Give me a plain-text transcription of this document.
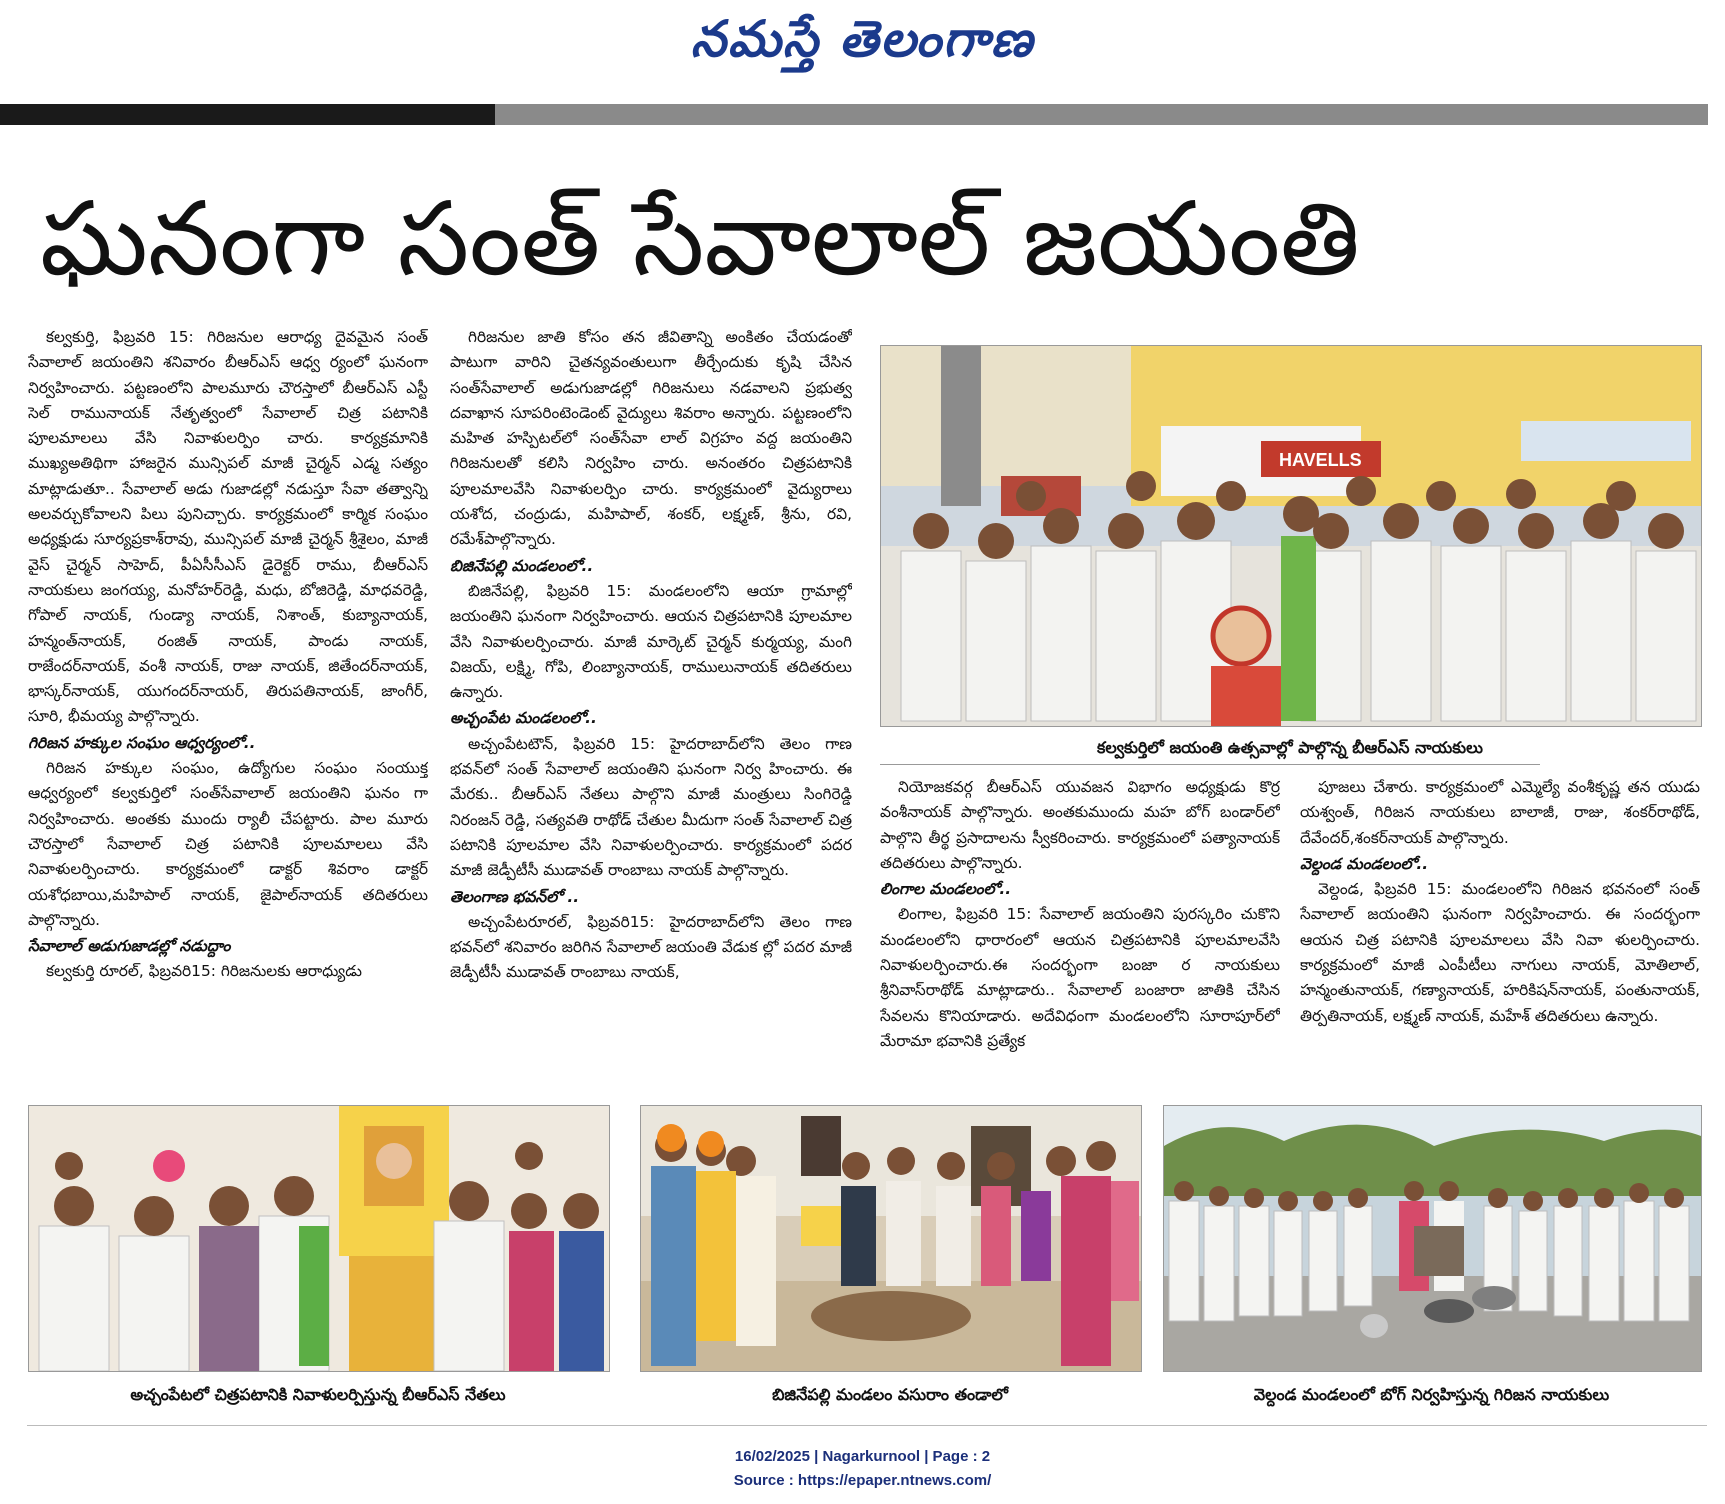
నమస్తే తెలంగాణ
ఘనంగా సంత్ సేవాలాల్ జయంతి

కల్వకుర్తి, ఫిబ్రవరి 15: గిరిజనుల ఆరాధ్య దైవమైన సంత్ సేవాలాల్ జయంతిని శనివారం బీఆర్ఎస్ ఆధ్వ ర్యంలో ఘనంగా నిర్వహించారు. పట్టణంలోని పాలమూరు చౌరస్తాలో బీఆర్ఎస్ ఎస్టీ సెల్ రామునాయక్ నేతృత్వంలో సేవాలాల్ చిత్ర పటానికి పూలమాలలు వేసి నివాళులర్పిం చారు. కార్యక్రమానికి ముఖ్యఅతిథిగా హాజరైన మున్సిపల్ మాజీ చైర్మన్ ఎడ్మ సత్యం మాట్లాడుతూ.. సేవాలాల్ అడు గుజాడల్లో నడుస్తూ సేవా తత్వాన్ని అలవర్చుకోవాలని పిలు పునిచ్చారు. కార్యక్రమంలో కార్మిక సంఘం అధ్యక్షుడు సూర్యప్రకాశ్‌రావు, మున్సిపల్ మాజీ చైర్మన్ శ్రీశైలం, మాజీ వైస్ చైర్మన్ సాహెద్, పీఏసీసీఎస్ డైరెక్టర్ రాము, బీఆర్ఎస్ నాయకులు జంగయ్య, మనోహర్‌రెడ్డి, మధు, బోజిరెడ్డి, మాధవరెడ్డి, గోపాల్ నాయక్, గుండ్యా నాయక్, నిశాంత్, కుబ్యానాయక్, హన్మంత్‌నాయక్, రంజిత్ నాయక్, పాండు నాయక్, రాజేందర్‌నాయక్, వంశీ నాయక్, రాజు నాయక్, జితేందర్‌నాయక్, భాస్కర్‌నాయక్, యుగందర్‌నాయర్, తిరుపతినాయక్, జాంగీర్, సూరి, భీమయ్య పాల్గొన్నారు.

గిరిజన హక్కుల సంఘం ఆధ్వర్యంలో..

గిరిజన హక్కుల సంఘం, ఉద్యోగుల సంఘం సంయుక్త ఆధ్వర్యంలో కల్వకుర్తిలో సంత్‌సేవాలాల్ జయంతిని ఘనం గా నిర్వహించారు. అంతకు ముందు ర్యాలీ చేపట్టారు. పాల మూరు చౌరస్తాలో సేవాలాల్ చిత్ర పటానికి పూలమాలలు వేసి నివాళులర్పించారు. కార్యక్రమంలో డాక్టర్ శివరాం డాక్టర్ యశోధబాయి,మహిపాల్ నాయక్, జైపాల్‌నాయక్ తదితరులు పాల్గొన్నారు.

సేవాలాల్ అడుగుజాడల్లో నడుద్దాం

కల్వకుర్తి రూరల్, ఫిబ్రవరి15: గిరిజనులకు ఆరాధ్యుడు

గిరిజనుల జాతి కోసం తన జీవితాన్ని అంకితం చేయడంతో పాటుగా వారిని చైతన్యవంతులుగా తీర్చేందుకు కృషి చేసిన సంత్‌సేవాలాల్ అడుగుజాడల్లో గిరిజనులు నడవాలని ప్రభుత్వ దవాఖాన సూపరింటెండెంట్ వైద్యులు శివరాం అన్నారు. పట్టణంలోని మహిత హస్పిటల్‌లో సంత్‌సేవా లాల్ విగ్రహం వద్ద జయంతిని గిరిజనులతో కలిసి నిర్వహిం చారు. అనంతరం చిత్రపటానికి పూలమాలవేసి నివాళులర్పిం చారు. కార్యక్రమంలో వైద్యురాలు యశోద, చంద్రుడు, మహిపాల్, శంకర్, లక్ష్మణ్, శ్రీను, రవి, రమేశ్‌పాల్గొన్నారు.

బిజినేపల్లి మండలంలో..

బిజినేపల్లి, ఫిబ్రవరి 15: మండలంలోని ఆయా గ్రామాల్లో జయంతిని ఘనంగా నిర్వహించారు. ఆయన చిత్రపటానికి పూలమాల వేసి నివాళులర్పించారు. మాజీ మార్కెట్ చైర్మన్ కుర్మయ్య, మంగి విజయ్, లక్ష్మి, గోపి, లింబ్యానాయక్, రాములునాయక్ తదితరులు ఉన్నారు.

అచ్చంపేట మండలంలో..

అచ్చంపేటటౌన్, ఫిబ్రవరి 15: హైదరాబాద్‌లోని తెలం గాణ భవన్‌లో సంత్ సేవాలాల్ జయంతిని ఘనంగా నిర్వ హించారు. ఈ మేరకు.. బీఆర్ఎస్ నేతలు పాల్గొని మాజీ మంత్రులు సింగిరెడ్డి నిరంజన్ రెడ్డి, సత్యవతి రాథోడ్ చేతుల మీదుగా సంత్ సేవాలాల్ చిత్ర పటానికి పూలమాల వేసి నివాళులర్పించారు. కార్యక్రమంలో పదర మాజీ జెడ్పీటీసీ ముడావత్ రాంబాబు నాయక్ పాల్గొన్నారు.

తెలంగాణ భవన్‌లో ..

అచ్చంపేటరూరల్, ఫిబ్రవరి15: హైదరాబాద్‌లోని తెలం గాణ భవన్‌లో శనివారం జరిగిన సేవాలాల్ జయంతి వేడుక ల్లో పదర మాజీ జెడ్పీటీసీ ముడావత్ రాంబాబు నాయక్,

HAVELLS
కల్వకుర్తిలో జయంతి ఉత్సవాల్లో పాల్గొన్న బీఆర్ఎస్ నాయకులు

నియోజకవర్గ బీఆర్ఎస్ యువజన విభాగం అధ్యక్షుడు కొర్ర వంశీనాయక్ పాల్గొన్నారు. అంతకుముందు మహ బోగ్ బండార్‌లో పాల్గొని తీర్థ ప్రసాదాలను స్వీకరించారు. కార్యక్రమంలో పత్యానాయక్ తదితరులు పాల్గొన్నారు.

లింగాల మండలంలో..

లింగాల, ఫిబ్రవరి 15: సేవాలాల్ జయంతిని పురస్కరిం చుకొని మండలంలోని ధారారంలో ఆయన చిత్రపటానికి పూలమాలవేసి నివాళులర్పించారు.ఈ సందర్భంగా బంజా ర నాయకులు శ్రీనివాస్‌రాథోడ్ మాట్లాడారు.. సేవాలాల్ బంజారా జాతికి చేసిన సేవలను కొనియాడారు. అదేవిధంగా మండలంలోని సూరాపూర్‌లో మేరామా భవానికి ప్రత్యేక

పూజలు చేశారు. కార్యక్రమంలో ఎమ్మెల్యే వంశీకృష్ణ తన యుడు యశ్వంత్, గిరిజన నాయకులు బాలాజీ, రాజు, శంకర్‌రాథోడ్, దేవేందర్,శంకర్‌నాయక్ పాల్గొన్నారు.

వెల్దండ మండలంలో..

వెల్దండ, ఫిబ్రవరి 15: మండలంలోని గిరిజన భవనంలో సంత్ సేవాలాల్ జయంతిని ఘనంగా నిర్వహించారు. ఈ సందర్భంగా ఆయన చిత్ర పటానికి పూలమాలలు వేసి నివా ళులర్పించారు. కార్యక్రమంలో మాజీ ఎంపీటీలు నాగులు నాయక్, మోతిలాల్, హన్మంతునాయక్, గణ్యానాయక్, హరికిషన్‌నాయక్, పంతునాయక్, తిర్పతినాయక్, లక్ష్మణ్ నాయక్, మహేశ్ తదితరులు ఉన్నారు.

అచ్చంపేటలో చిత్రపటానికి నివాళులర్పిస్తున్న బీఆర్ఎస్ నేతలు	బిజినేపల్లి మండలం వసురాం తండాలో	వెల్దండ మండలంలో బోగ్ నిర్వహిస్తున్న గిరిజన నాయకులు
16/02/2025 | Nagarkurnool | Page : 2
Source : https://epaper.ntnews.com/
